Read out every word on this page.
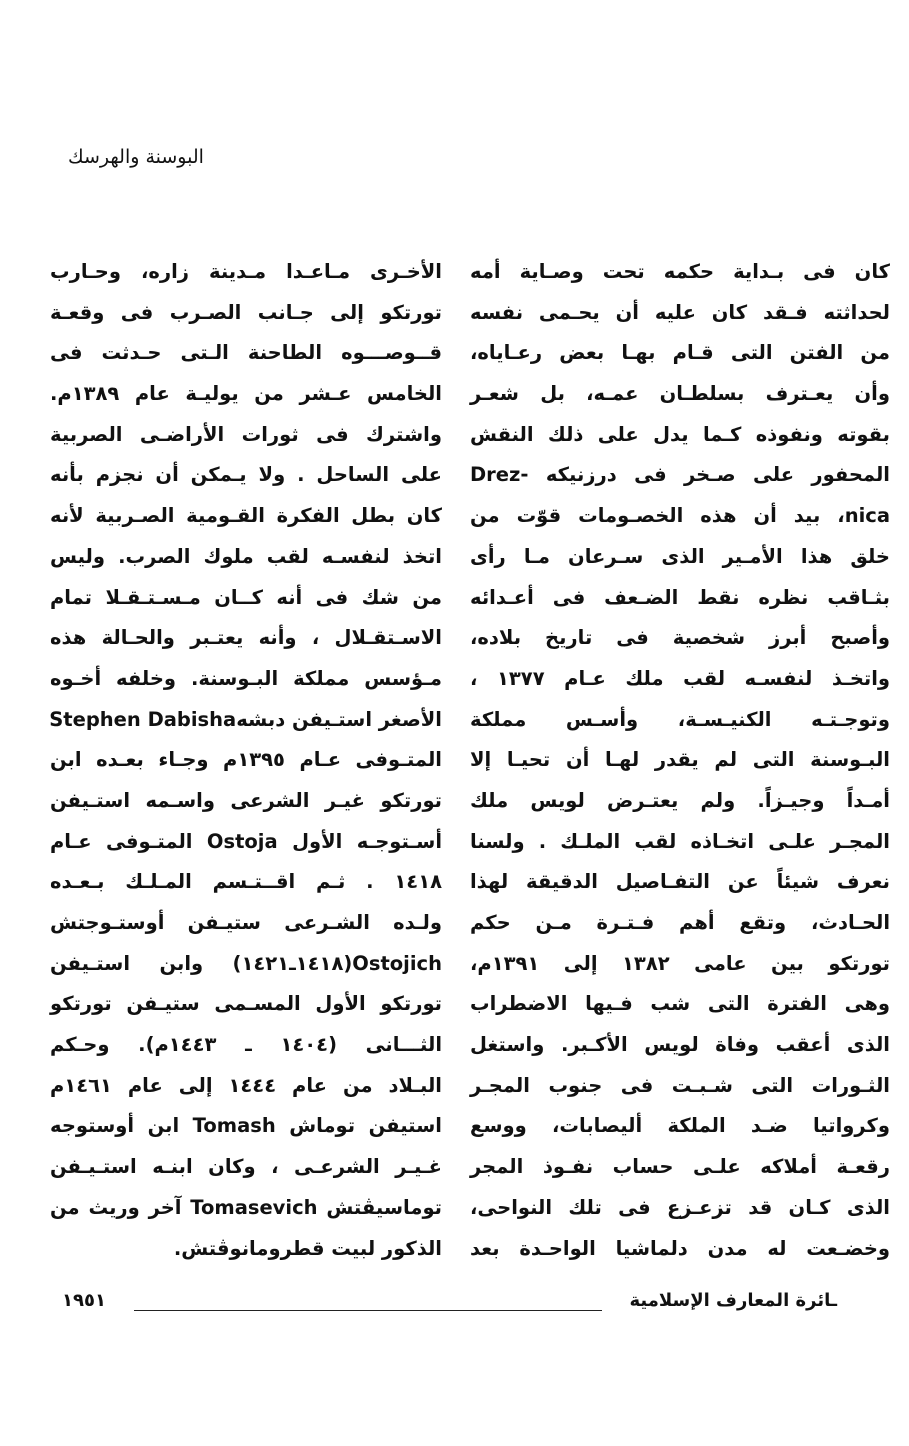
البوسنة والهرسك
كان فى بـداية حكمه تحت وصـاية أمه
لحداثته فـقد كان عليه أن يحـمى نفسه
من الفتن التى قـام بهـا بعض رعـاياه،
وأن يعـترف بسلطـان عمـه، بل شعـر
بقوته ونفوذه كـما يدل على ذلك النقش
المحفور على صـخر فى درزنيكه -Drez
nica، بيد أن هذه الخصـومات قوّت من
خلق هذا الأمـير الذى سـرعان مـا رأى
بثـاقب نظره نقط الضـعف فى أعـدائه
وأصبح أبرز شخصية فى تاريخ بلاده،
واتخـذ لنفسـه لقب ملك عـام ١٣٧٧ ،
وتوجـتـه الكنيـسـة، وأسـس مملكة
البـوسنة التى لم يقدر لهـا أن تحيـا إلا
أمـداً وجيـزاً. ولم يعتـرض لويس ملك
المجـر علـى اتخـاذه لقب الملـك . ولسنا
نعرف شيئاً عن التفـاصيل الدقيقة لهذا
الحـادث، وتقع أهم فـتـرة مـن حكم
تورتكو بين عامى ١٣٨٢ إلى ١٣٩١م،
وهى الفترة التى شب فـيها الاضطراب
الذى أعقب وفاة لويس الأكـبر. واستغل
الثـورات التى شـبـت فى جنوب المجـر
وكرواتيا ضـد الملكة أليصابات، ووسع
رقعـة أملاكه علـى حساب نفـوذ المجر
الذى كـان قد تزعـزع فى تلك النواحى،
وخضـعت له مدن دلماشيا الواحـدة بعد
الأخـرى مـاعـدا مـدينة زاره، وحـارب
تورتكو إلى جـانب الصـرب فى وقعـة
قــوصـــوه الطاحنة الـتى حـدثت فى
الخامس عـشر من يوليـة عام ١٣٨٩م.
واشترك فى ثورات الأراضـى الصربية
على الساحل . ولا يـمكن أن نجزم بأنه
كان بطل الفكرة القـومية الصـربية لأنه
اتخذ لنفسـه لقب ملوك الصرب. وليس
من شك فى أنه كــان مـسـتـقـلا تمام
الاسـتقـلال ، وأنه يعتـبر والحـالة هذه
مـؤسس مملكة البـوسنة. وخلفه أخـوه
الأصغر استـيفن دبشهStephen Dabisha
المتـوفى عـام ١٣٩٥م وجـاء بعـده ابن
تورتكو غيـر الشرعى واسـمه استـيفن
أسـتوجـه الأول Ostoja المتـوفى عـام
١٤١٨ . ثـم اقــتـسم المـلـك بـعـده
ولـده الشـرعى ستيـفن أوستـوجتش
Ostojich(١٤١٨ـ١٤٢١) وابن استـيفن
تورتكو الأول المسـمى ستيـفن تورتكو
الثـــانى (١٤٠٤ ـ ١٤٤٣م). وحـكم
البـلاد من عام ١٤٤٤ إلى عام ١٤٦١م
استيفن توماش Tomash ابن أوستوجه
غـيـر الشرعـى ، وكان ابنـه استـيـفن
توماسيڤتش Tomasevich آخر وريث من
الذكور لبيت قطرومانوڤتش.
ـائرة المعارف الإسلامية
١٩٥١
